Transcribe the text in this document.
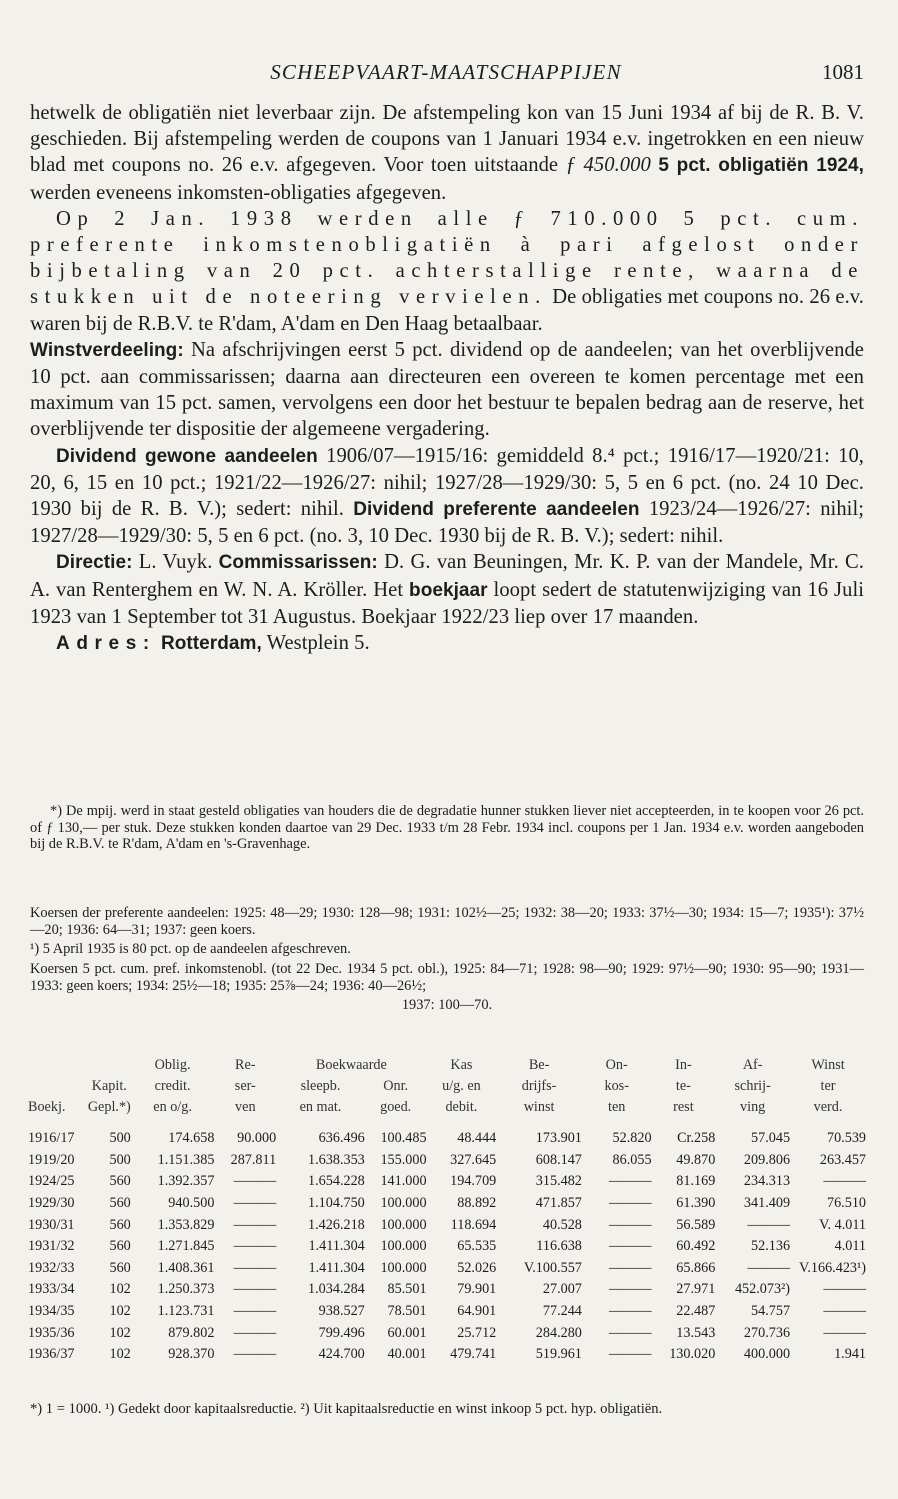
SCHEEPVAART-MAATSCHAPPIJEN	1081

hetwelk de obligatiën niet leverbaar zijn. De afstempeling kon van 15 Juni 1934 af bij de R. B. V. geschieden. Bij afstempeling werden de coupons van 1 Januari 1934 e.v. ingetrokken en een nieuw blad met coupons no. 26 e.v. afgegeven. Voor toen uitstaande ƒ 450.000 5 pct. obligatiën 1924, werden eveneens inkomsten-obligaties afgegeven.

Op 2 Jan. 1938 werden alle ƒ 710.000 5 pct. cum. preferente inkomstenobligatiën à pari afgelost onder bijbetaling van 20 pct. achterstallige rente, waarna de stukken uit de noteering vervielen. De obligaties met coupons no. 26 e.v. waren bij de R.B.V. te R'dam, A'dam en Den Haag betaalbaar.

Winstverdeeling: Na afschrijvingen eerst 5 pct. dividend op de aandeelen; van het overblijvende 10 pct. aan commissarissen; daarna aan directeuren een overeen te komen percentage met een maximum van 15 pct. samen, vervolgens een door het bestuur te bepalen bedrag aan de reserve, het overblijvende ter dispositie der algemeene vergadering.

Dividend gewone aandeelen 1906/07—1915/16: gemiddeld 8.⁴ pct.; 1916/17—1920/21: 10, 20, 6, 15 en 10 pct.; 1921/22—1926/27: nihil; 1927/28—1929/30: 5, 5 en 6 pct. (no. 24 10 Dec. 1930 bij de R. B. V.); sedert: nihil. Dividend preferente aandeelen 1923/24—1926/27: nihil; 1927/28—1929/30: 5, 5 en 6 pct. (no. 3, 10 Dec. 1930 bij de R. B. V.); sedert: nihil.

Directie: L. Vuyk. Commissarissen: D. G. van Beuningen, Mr. K. P. van der Mandele, Mr. C. A. van Renterghem en W. N. A. Kröller. Het boekjaar loopt sedert de statutenwijziging van 16 Juli 1923 van 1 September tot 31 Augustus. Boekjaar 1922/23 liep over 17 maanden.

Adres: Rotterdam, Westplein 5.

*) De mpij. werd in staat gesteld obligaties van houders die de degradatie hunner stukken liever niet accepteerden, in te koopen voor 26 pct. of ƒ 130,— per stuk. Deze stukken konden daartoe van 29 Dec. 1933 t/m 28 Febr. 1934 incl. coupons per 1 Jan. 1934 e.v. worden aangeboden bij de R.B.V. te R'dam, A'dam en 's-Gravenhage.

Koersen der preferente aandeelen: 1925: 48—29; 1930: 128—98; 1931: 102½—25; 1932: 38—20; 1933: 37½—30; 1934: 15—7; 1935¹): 37½—20; 1936: 64—31; 1937: geen koers.

¹) 5 April 1935 is 80 pct. op de aandeelen afgeschreven.

Koersen 5 pct. cum. pref. inkomstenobl. (tot 22 Dec. 1934 5 pct. obl.), 1925: 84—71; 1928: 98—90; 1929: 97½—90; 1930: 95—90; 1931—1933: geen koers; 1934: 25½—18; 1935: 25⅞—24; 1936: 40—26½;

1937: 100—70.

		Oblig.	Re-	Boekwaarde		Kas	Be-	On-	In-	Af-	Winst
	Kapit.	credit.	ser-	sleepb.	Onr.	u/g. en	drijfs-	kos-	te-	schrij-	ter
Boekj.	Gepl.*)	en o/g.	ven	en mat.	goed.	debit.	winst	ten	rest	ving	verd.
1916/17	500	174.658	90.000	636.496	100.485	48.444	173.901	52.820	Cr.258	57.045	70.539
1919/20	500	1.151.385	287.811	1.638.353	155.000	327.645	608.147	86.055	49.870	209.806	263.457
1924/25	560	1.392.357	———	1.654.228	141.000	194.709	315.482	———	81.169	234.313	———
1929/30	560	940.500	———	1.104.750	100.000	88.892	471.857	———	61.390	341.409	76.510
1930/31	560	1.353.829	———	1.426.218	100.000	118.694	40.528	———	56.589	———	V. 4.011
1931/32	560	1.271.845	———	1.411.304	100.000	65.535	116.638	———	60.492	52.136	4.011
1932/33	560	1.408.361	———	1.411.304	100.000	52.026	V.100.557	———	65.866	———	V.166.423¹)
1933/34	102	1.250.373	———	1.034.284	85.501	79.901	27.007	———	27.971	452.073²)	———
1934/35	102	1.123.731	———	938.527	78.501	64.901	77.244	———	22.487	54.757	———
1935/36	102	879.802	———	799.496	60.001	25.712	284.280	———	13.543	270.736	———
1936/37	102	928.370	———	424.700	40.001	479.741	519.961	———	130.020	400.000	1.941
*) 1 = 1000. ¹) Gedekt door kapitaalsreductie. ²) Uit kapitaalsreductie en winst inkoop 5 pct. hyp. obligatiën.
